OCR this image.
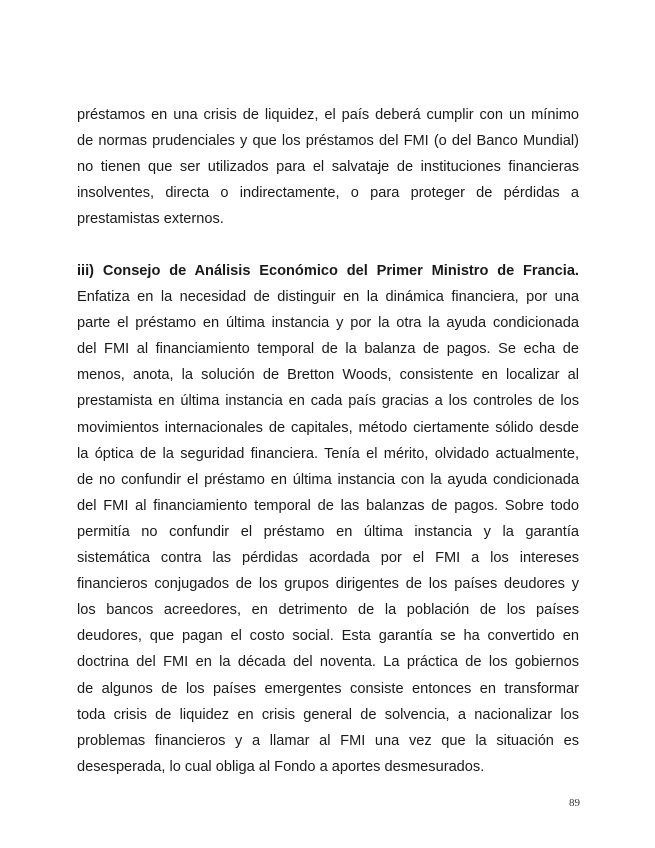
préstamos en una crisis de liquidez, el país deberá cumplir con un mínimo
de normas prudenciales y que los préstamos del FMI (o del Banco Mundial)
no tienen que ser utilizados para el salvataje de instituciones financieras
insolventes, directa o indirectamente, o para proteger de pérdidas a
prestamistas externos.
iii) Consejo de Análisis Económico del Primer Ministro de Francia.
Enfatiza en la necesidad de distinguir en la dinámica financiera, por una
parte el préstamo en última instancia y por la otra la ayuda condicionada
del FMI al financiamiento temporal de la balanza de pagos. Se echa de
menos, anota, la solución de Bretton Woods, consistente en localizar al
prestamista en última instancia en cada país gracias a los controles de los
movimientos internacionales de capitales, método ciertamente sólido desde
la óptica de la seguridad financiera. Tenía el mérito, olvidado actualmente,
de no confundir el préstamo en última instancia con la ayuda condicionada
del FMI al financiamiento temporal de las balanzas de pagos. Sobre todo
permitía no confundir el préstamo en última instancia y la garantía
sistemática contra las pérdidas acordada por el FMI a los intereses
financieros conjugados de los grupos dirigentes de los países deudores y
los bancos acreedores, en detrimento de la población de los países
deudores, que pagan el costo social. Esta garantía se ha convertido en
doctrina del FMI en la década del noventa. La práctica de los gobiernos
de algunos de los países emergentes consiste entonces en transformar
toda crisis de liquidez en crisis general de solvencia, a nacionalizar los
problemas financieros y a llamar al FMI una vez que la situación es
desesperada, lo cual obliga al Fondo a aportes desmesurados.
89
